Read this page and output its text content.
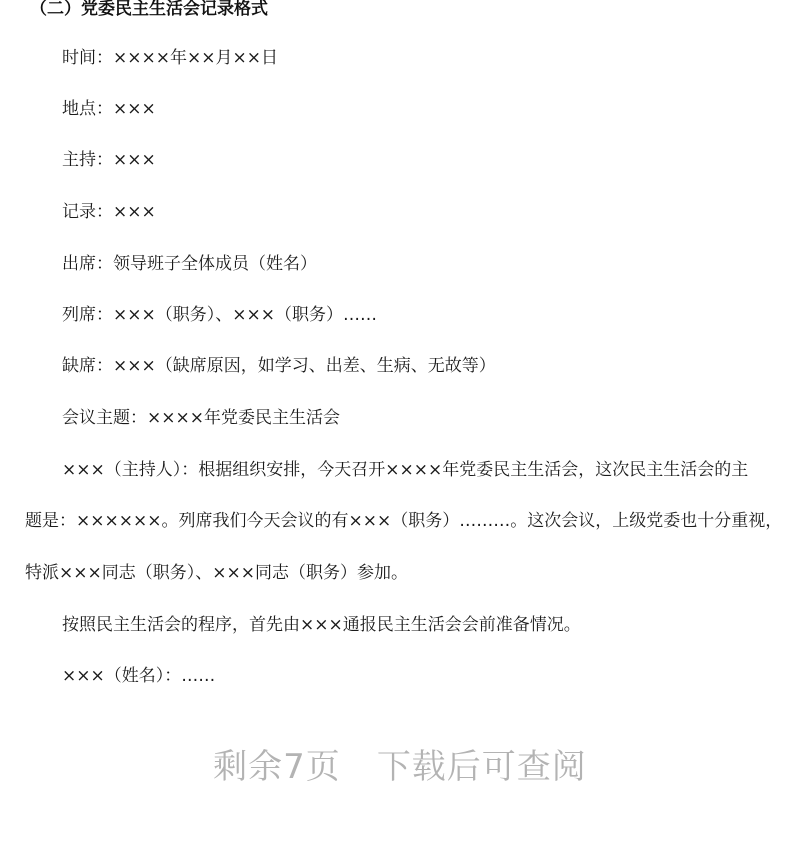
（二）党委民主生活会记录格式
时间：××××年××月××日
地点：×××
主持：×××
记录：×××
出席：领导班子全体成员（姓名）
列席：×××（职务）、×××（职务）……
缺席：×××（缺席原因，如学习、出差、生病、无故等）
会议主题：××××年党委民主生活会
×××（主持人）：根据组织安排，今天召开××××年党委民主生活会，这次民主生活会的主
题是：××××××。列席我们今天会议的有×××（职务）………。这次会议，上级党委也十分重视，
特派×××同志（职务）、×××同志（职务）参加。
按照民主生活会的程序，首先由×××通报民主生活会会前准备情况。
×××（姓名）：……
剩余7页 下载后可查阅
